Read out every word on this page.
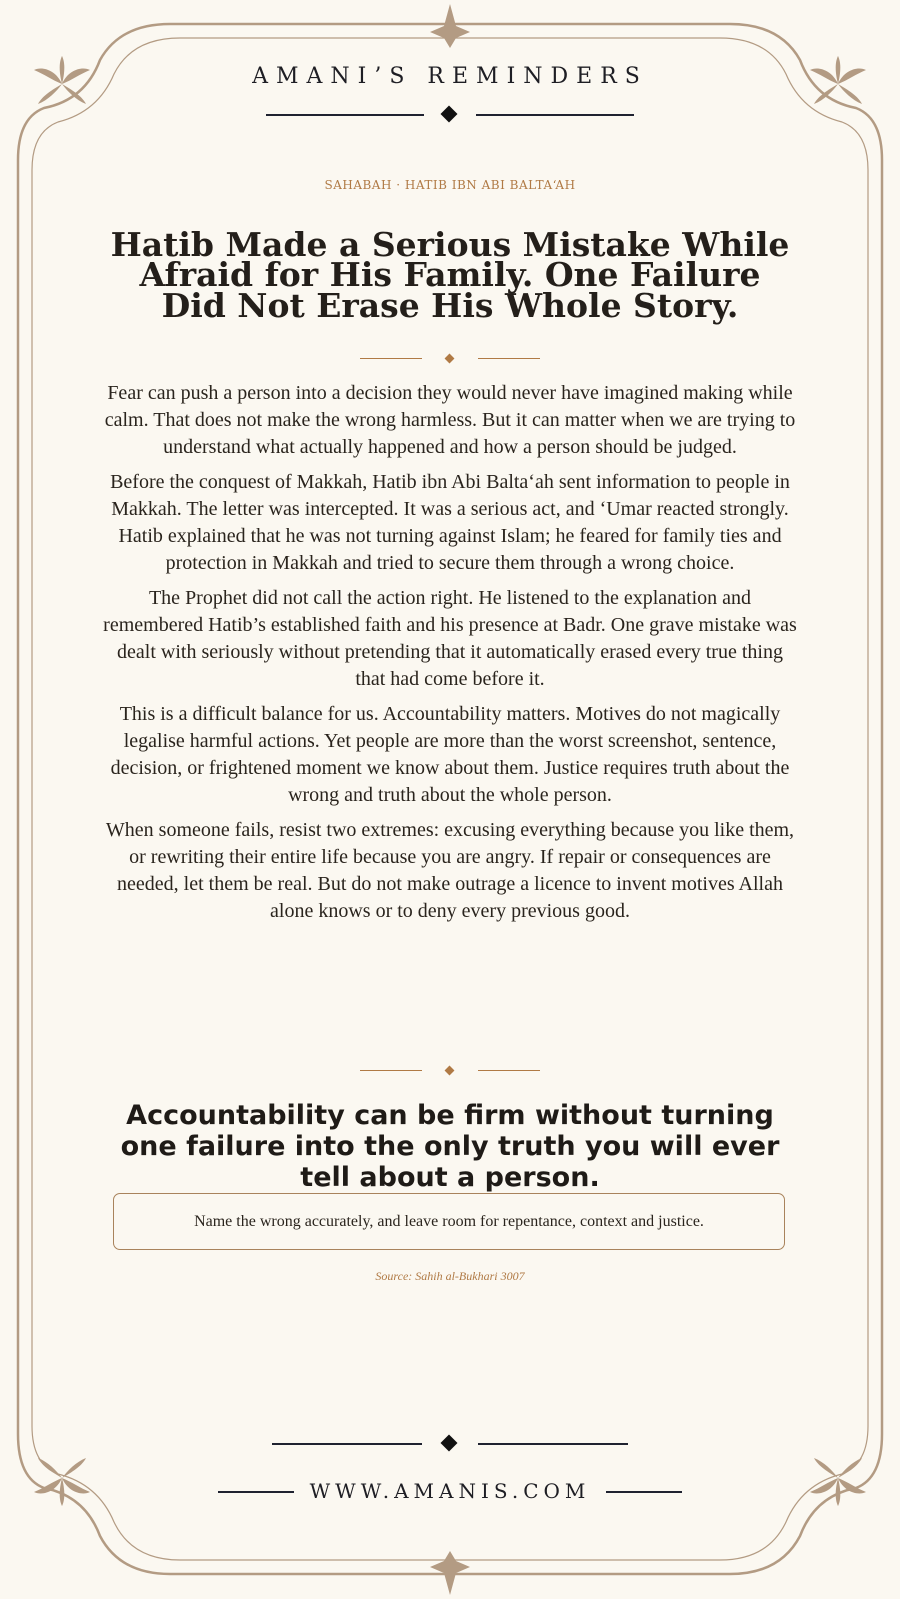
AMANI’S REMINDERS
SAHABAH · HATIB IBN ABI BALTA‘AH
Hatib Made a Serious Mistake While Afraid for His Family. One Failure Did Not Erase His Whole Story.

Fear can push a person into a decision they would never have imagined making while calm. That does not make the wrong harmless. But it can matter when we are trying to understand what actually happened and how a person should be judged.

Before the conquest of Makkah, Hatib ibn Abi Balta‘ah sent information to people in Makkah. The letter was intercepted. It was a serious act, and ‘Umar reacted strongly. Hatib explained that he was not turning against Islam; he feared for family ties and protection in Makkah and tried to secure them through a wrong choice.

The Prophet did not call the action right. He listened to the explanation and remembered Hatib’s established faith and his presence at Badr. One grave mistake was dealt with seriously without pretending that it automatically erased every true thing that had come before it.

This is a difficult balance for us. Accountability matters. Motives do not magically legalise harmful actions. Yet people are more than the worst screenshot, sentence, decision, or frightened moment we know about them. Justice requires truth about the wrong and truth about the whole person.

When someone fails, resist two extremes: excusing everything because you like them, or rewriting their entire life because you are angry. If repair or consequences are needed, let them be real. But do not make outrage a licence to invent motives Allah alone knows or to deny every previous good.

Accountability can be firm without turning one failure into the only truth you will ever tell about a person.
Name the wrong accurately, and leave room for repentance, context and justice.
Source: Sahih al-Bukhari 3007
WWW.AMANIS.COM
